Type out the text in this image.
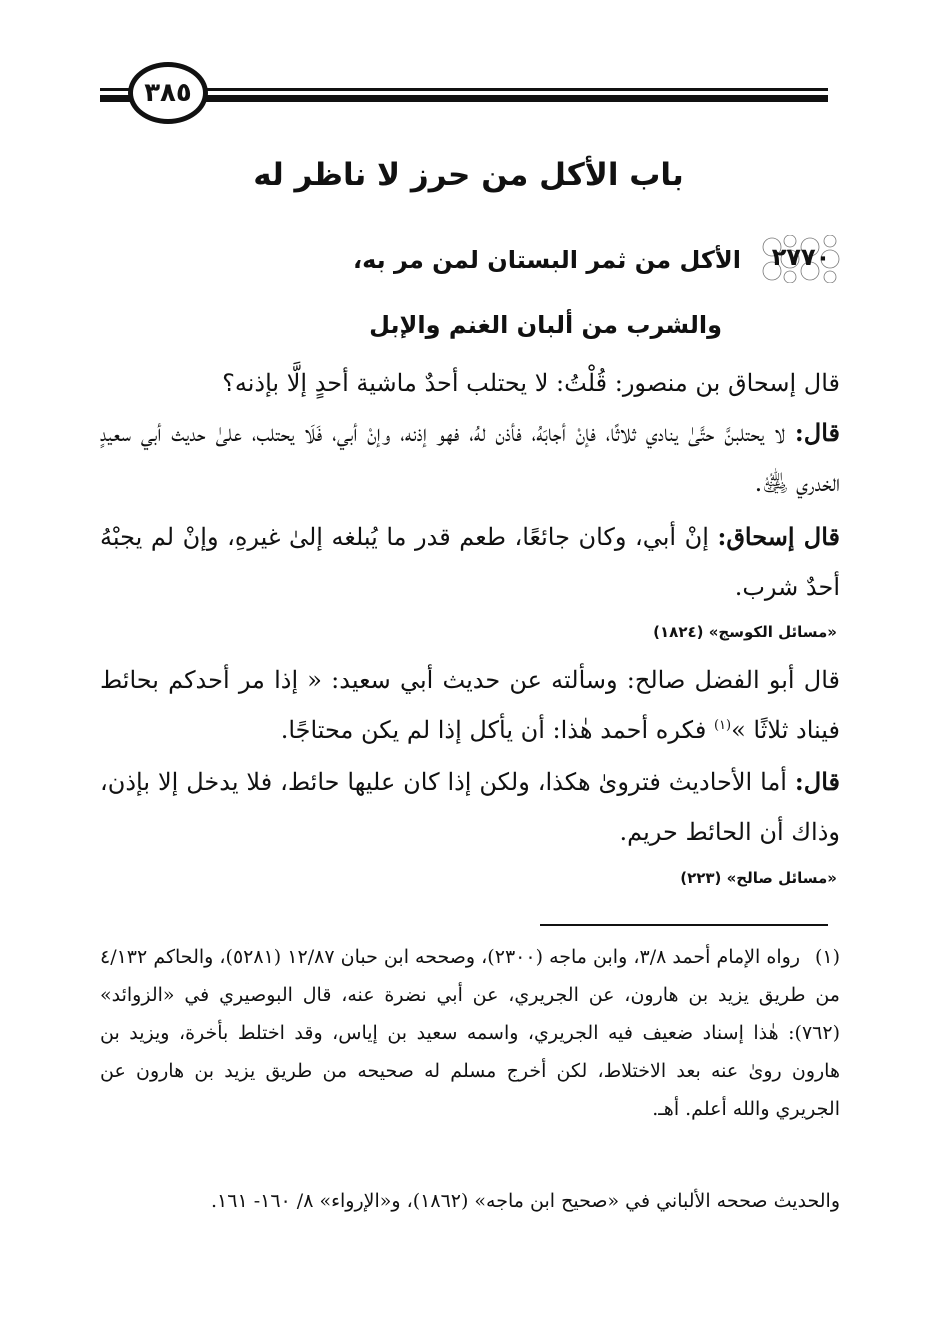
٣٨٥
باب الأكل من حرز لا ناظر له
٢٧٧٠
الأكل من ثمر البستان لمن مر به،
والشرب من ألبان الغنم والإبل
قال إسحاق بن منصور: قُلْتُ: لا يحتلب أحدٌ ماشية أحدٍ إلَّا بإذنه؟
قال: لا يحتلبنَّ حتَّىٰ ينادي ثلاثًا، فإنْ أجابَهُ، فأذن لهُ، فهو إذنه، وإنْ أبي، فَلَا يحتلب، علىٰ حديث أبي سعيدٍ الخدري ﵁.
قال إسحاق: إنْ أبي، وكان جائعًا، طعم قدر ما يُبلغه إلىٰ غيرهِ، وإنْ لم يجبْهُ أحدٌ شرب.
«مسائل الكوسج» (١٨٢٤)
قال أبو الفضل صالح: وسألته عن حديث أبي سعيد: « إذا مر أحدكم بحائط فيناد ثلاثًا »$^{(١)}$ فكره أحمد هٰذا: أن يأكل إذا لم يكن محتاجًا.
قال: أما الأحاديث فتروىٰ هكذا، ولكن إذا كان عليها حائط، فلا يدخل إلا بإذن، وذاك أن الحائط حريم.
«مسائل صالح» (٢٢٣)
(١)رواه الإمام أحمد ٣/٨، وابن ماجه (٢٣٠٠)، وصححه ابن حبان ١٢/٨٧ (٥٢٨١)، والحاكم ٤/١٣٢ من طريق يزيد بن هارون، عن الجريري، عن أبي نضرة عنه، قال البوصيري في «الزوائد» (٧٦٢): هٰذا إسناد ضعيف فيه الجريري، واسمه سعيد بن إياس، وقد اختلط بأخرة، ويزيد بن هارون روىٰ عنه بعد الاختلاط، لكن أخرج مسلم له صحيحه من طريق يزيد بن هارون عن الجريري والله أعلم. أهـ.
والحديث صححه الألباني في «صحيح ابن ماجه» (١٨٦٢)، و«الإرواء» ٨/ ١٦٠- ١٦١.
